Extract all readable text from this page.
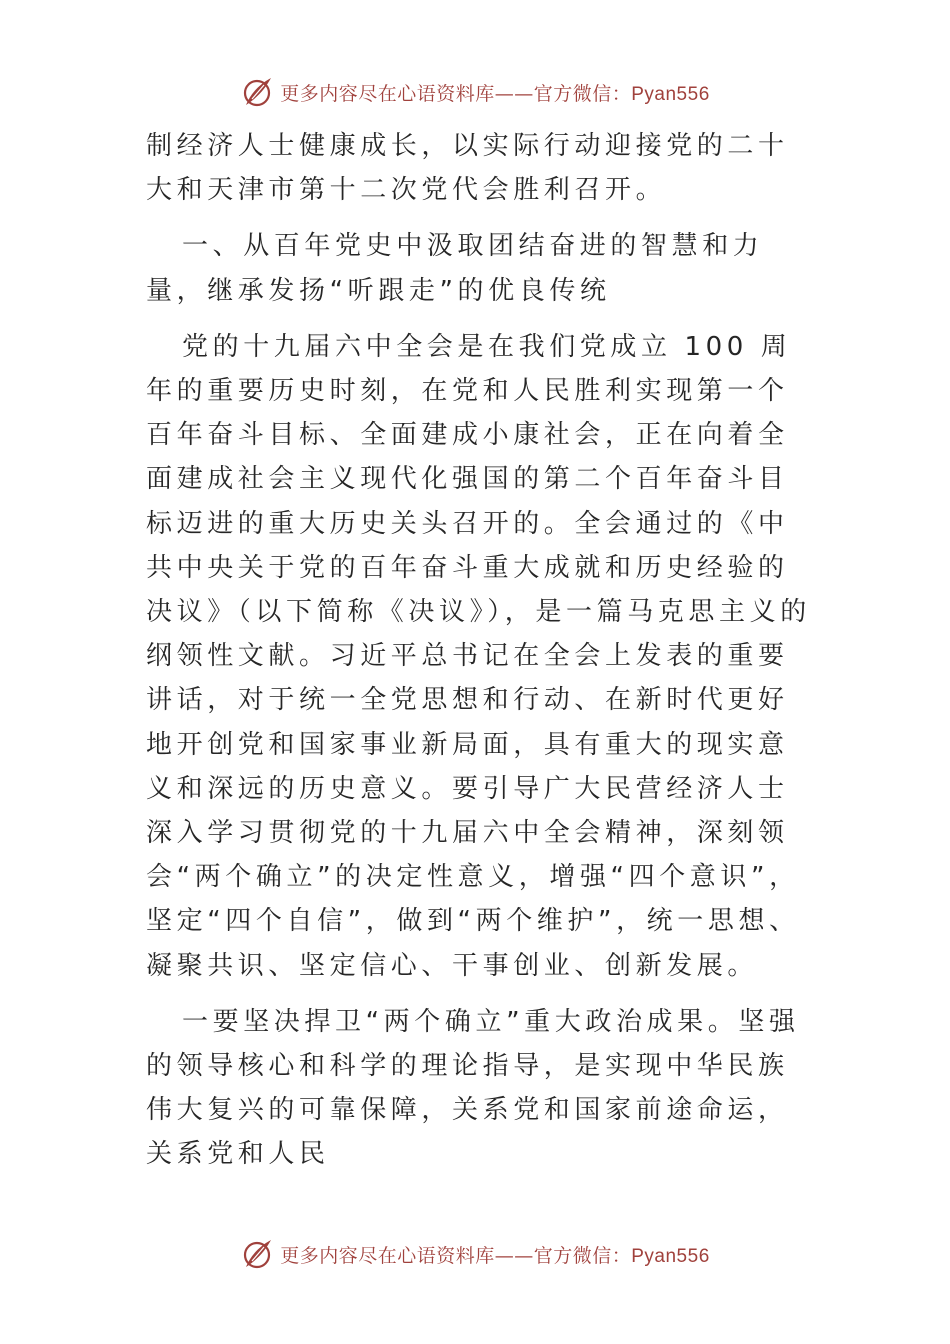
更多内容尽在心语资料库——官方微信：Pyan556

制经济人士健康成长，以实际行动迎接党的二十大和天津市第十二次党代会胜利召开。

一、从百年党史中汲取团结奋进的智慧和力量，继承发扬“听跟走”的优良传统

党的十九届六中全会是在我们党成立 100 周年的重要历史时刻，在党和人民胜利实现第一个百年奋斗目标、全面建成小康社会，正在向着全面建成社会主义现代化强国的第二个百年奋斗目标迈进的重大历史关头召开的。全会通过的《中共中央关于党的百年奋斗重大成就和历史经验的决议》（以下简称《决议》），是一篇马克思主义的纲领性文献。习近平总书记在全会上发表的重要讲话，对于统一全党思想和行动、在新时代更好地开创党和国家事业新局面，具有重大的现实意义和深远的历史意义。要引导广大民营经济人士深入学习贯彻党的十九届六中全会精神，深刻领会“两个确立”的决定性意义，增强“四个意识”，坚定“四个自信”，做到“两个维护”，统一思想、凝聚共识、坚定信心、干事创业、创新发展。

一要坚决捍卫“两个确立”重大政治成果。坚强的领导核心和科学的理论指导，是实现中华民族伟大复兴的可靠保障，关系党和国家前途命运，关系党和人民

更多内容尽在心语资料库——官方微信：Pyan556
